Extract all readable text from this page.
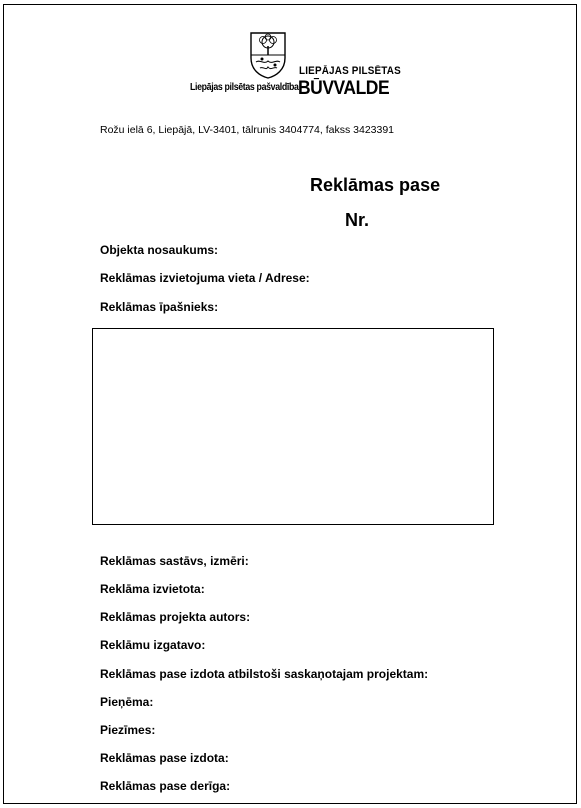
Liepājas pilsētas pašvaldība
LIEPĀJAS PILSĒTAS
BŪVVALDE
Rožu ielā 6, Liepājā, LV-3401, tālrunis 3404774, fakss 3423391
Reklāmas pase
Nr.
Objekta nosaukums:
Reklāmas izvietojuma vieta / Adrese:
Reklāmas īpašnieks:
Reklāmas sastāvs, izmēri:
Reklāma izvietota:
Reklāmas projekta autors:
Reklāmu izgatavo:
Reklāmas pase izdota atbilstoši saskaņotajam projektam:
Pieņēma:
Piezīmes:
Reklāmas pase izdota:
Reklāmas pase derīga:
